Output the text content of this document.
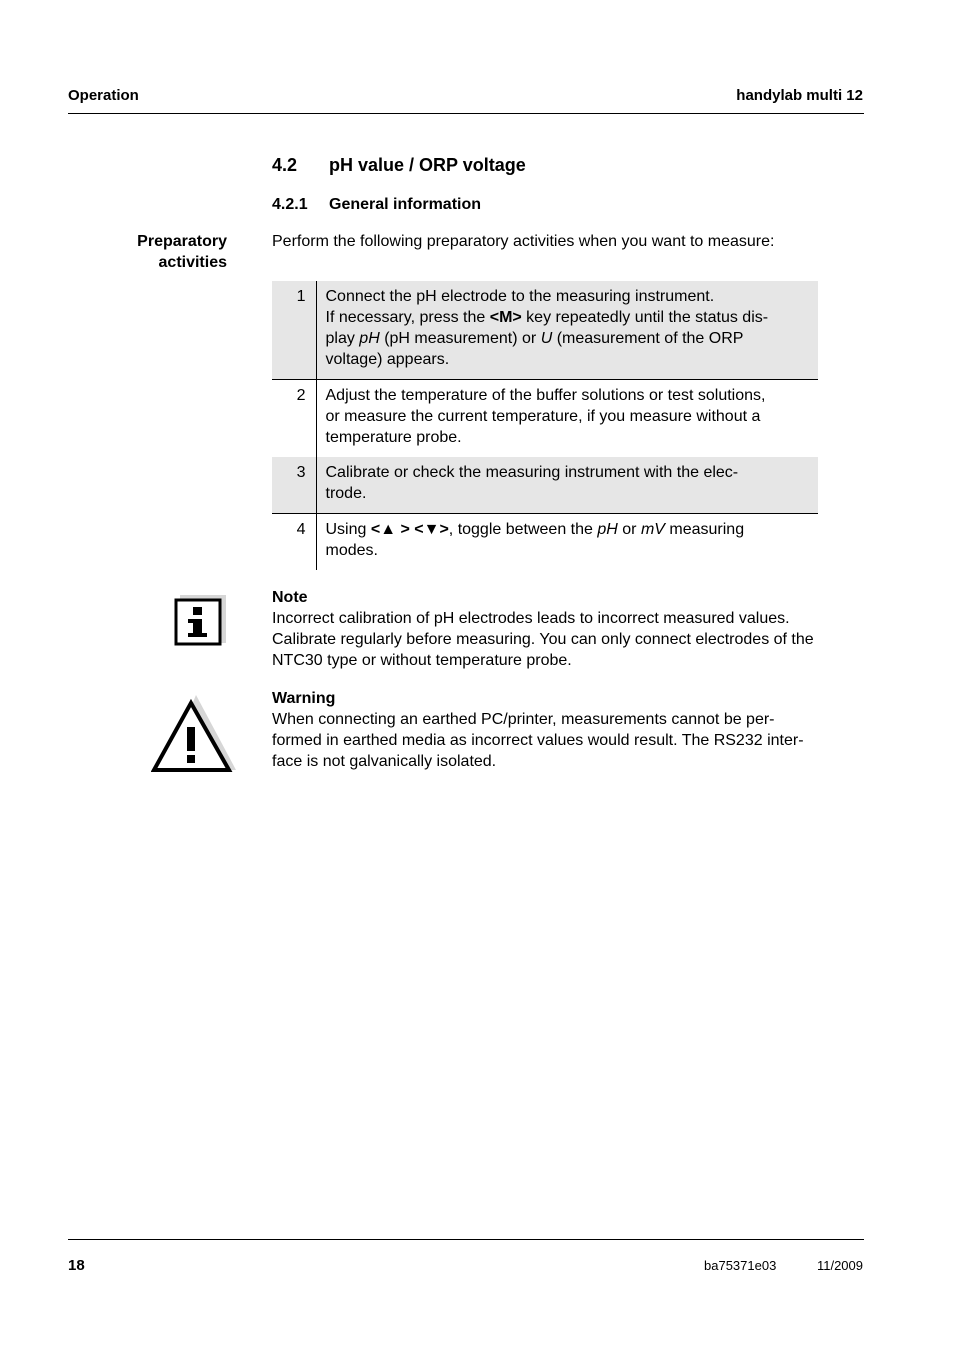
Operation	handylab multi 12
4.2 pH value / ORP voltage
4.2.1 General information
Preparatory
activities
Perform the following preparatory activities when you want to measure:
1	Connect the pH electrode to the measuring instrument.
If necessary, press the <M> key repeatedly until the status dis-
play pH (pH measurement) or U (measurement of the ORP
voltage) appears.

2	Adjust the temperature of the buffer solutions or test solutions,
or measure the current temperature, if you measure without a
temperature probe.

3	Calibrate or check the measuring instrument with the elec-
trode.

4	Using <▲ > <▼>, toggle between the pH or mV measuring
modes.
Note
Incorrect calibration of pH electrodes leads to incorrect measured values.
Calibrate regularly before measuring. You can only connect electrodes of the
NTC30 type or without temperature probe.
Warning
When connecting an earthed PC/printer, measurements cannot be per-
formed in earthed media as incorrect values would result. The RS232 inter-
face is not galvanically isolated.
18	ba75371e03	11/2009
